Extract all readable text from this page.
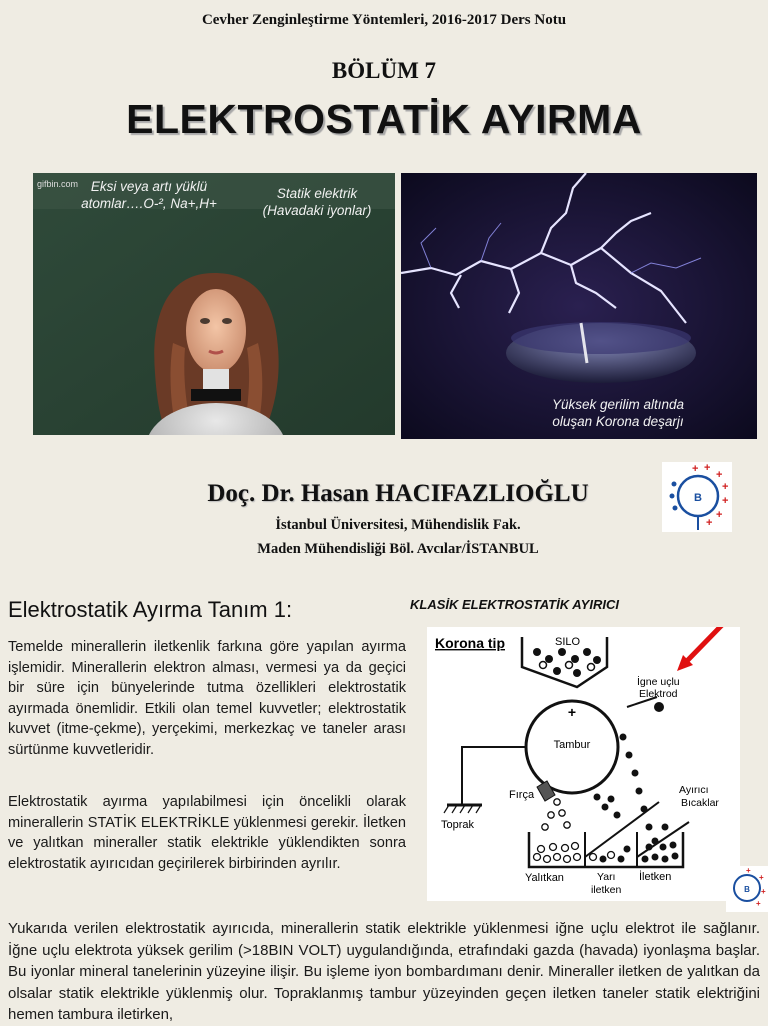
Cevher Zenginleştirme Yöntemleri, 2016-2017 Ders Notu
BÖLÜM 7
ELEKTROSTATİK AYIRMA
gifbin.com Eksi veya artı yüklü
atomlar….O-², Na+,H+
Statik elektrik
(Havadaki iyonlar)
Yüksek gerilim altında
oluşan Korona deşarjı
Doç. Dr. Hasan HACIFAZLIOĞLU
İstanbul Üniversitesi, Mühendislik Fak.
Maden Mühendisliği Böl. Avcılar/İSTANBUL
B
+ +
+
+
+
+
+
Elektrostatik Ayırma Tanım 1:	KLASİK ELEKTROSTATİK AYIRICI

Temelde minerallerin iletkenlik farkına göre yapılan ayırma işlemidir. Minerallerin elektron alması, vermesi ya da geçici bir süre için bünyelerinde tutma özellikleri elektrostatik ayırmada önemlidir. Etkili olan temel kuvvetler; elektrostatik kuvvet (itme-çekme), yerçekimi, merkezkaç ve taneler arası sürtünme kuvvetleridir.

Elektrostatik ayırma yapılabilmesi için öncelikli olarak minerallerin STATİK ELEKTRİKLE yüklenmesi gerekir. İletken ve yalıtkan mineraller statik elektrikle yüklendikten sonra elektrostatik ayırıcıdan geçirilerek birbirinden ayrılır.

+
Tambur
Korona tip	SILO
İgne uçlu
Elektrod
Fırça
Toprak
Ayırıcı
Bıcaklar
Yalıtkan	Yarı
iletken
İletken
B
+
+
+
+

Yukarıda verilen elektrostatik ayırıcıda, minerallerin statik elektrikle yüklenmesi iğne uçlu elektrot ile sağlanır. İğne uçlu elektrota yüksek gerilim (>18BIN VOLT) uygulandığında, etrafındaki gazda (havada) iyonlaşma başlar. Bu iyonlar mineral tanelerinin yüzeyine ilişir. Bu işleme iyon bombardımanı denir. Mineraller iletken de yalıtkan da olsalar statik elektrikle yüklenmiş olur. Topraklanmış tambur yüzeyinden geçen iletken taneler statik elektriğini hemen tambura iletirken,
